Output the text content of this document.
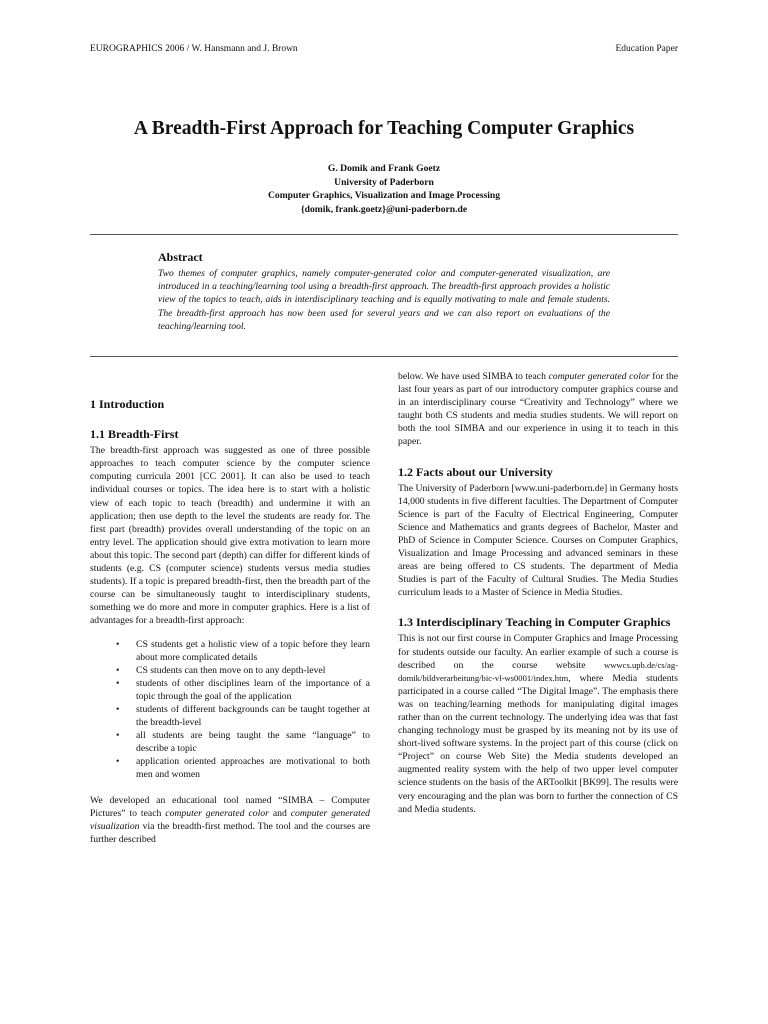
EUROGRAPHICS 2006 / W. Hansmann and J. Brown	Education Paper
A Breadth-First Approach for Teaching Computer Graphics
G. Domik and Frank Goetz
University of Paderborn
Computer Graphics, Visualization and Image Processing
{domik, frank.goetz}@uni-paderborn.de
Abstract

Two themes of computer graphics, namely computer-generated color and computer-generated visualization, are introduced in a teaching/learning tool using a breadth-first approach. The breadth-first approach provides a holistic view of the topics to teach, aids in interdisciplinary teaching and is equally motivating to male and female students. The breadth-first approach has now been used for several years and we can also report on evaluations of the teaching/learning tool.

1 Introduction
1.1 Breadth-First

The breadth-first approach was suggested as one of three possible approaches to teach computer science by the computer science computing curricula 2001 [CC 2001]. It can also be used to teach individual courses or topics. The idea here is to start with a holistic view of each topic to teach (breadth) and undermine it with an application; then use depth to the level the students are ready for. The first part (breadth) provides overall understanding of the topic on an entry level. The application should give extra motivation to learn more about this topic. The second part (depth) can differ for different kinds of students (e.g. CS (computer science) students versus media studies students). If a topic is prepared breadth-first, then the breadth part of the course can be simultaneously taught to interdisciplinary students, something we do more and more in computer graphics. Here is a list of advantages for a breadth-first approach:

• CS students get a holistic view of a topic before they learn about more complicated details
• CS students can then move on to any depth-level
• students of other disciplines learn of the importance of a topic through the goal of the application
• students of different backgrounds can be taught together at the breadth-level
• all students are being taught the same “language” to describe a topic
• application oriented approaches are motivational to both men and women

We developed an educational tool named “SIMBA – Computer Pictures” to teach computer generated color and computer generated visualization via the breadth-first method. The tool and the courses are further described

below. We have used SIMBA to teach computer generated color for the last four years as part of our introductory computer graphics course and in an interdisciplinary course “Creativity and Technology” where we taught both CS students and media studies students. We will report on both the tool SIMBA and our experience in using it to teach in this paper.

1.2 Facts about our University

The University of Paderborn [www.uni-paderborn.de] in Germany hosts 14,000 students in five different faculties. The Department of Computer Science is part of the Faculty of Electrical Engineering, Computer Science and Mathematics and grants degrees of Bachelor, Master and PhD of Science in Computer Science. Courses on Computer Graphics, Visualization and Image Processing and advanced seminars in these areas are being offered to CS students. The department of Media Studies is part of the Faculty of Cultural Studies. The Media Studies curriculum leads to a Master of Science in Media Studies.

1.3 Interdisciplinary Teaching in Computer Graphics

This is not our first course in Computer Graphics and Image Processing for students outside our faculty. An earlier example of such a course is described on the course website wwwcs.upb.de/cs/ag-domik/bildverarbeitung/bic-vl-ws0001/index.htm, where Media students participated in a course called “The Digital Image”. The emphasis there was on teaching/learning methods for manipulating digital images rather than on the current technology. The underlying idea was that fast changing technology must be grasped by its meaning not by its use of short-lived software systems. In the project part of this course (click on “Project” on course Web Site) the Media students developed an augmented reality system with the help of two upper level computer science students on the basis of the ARToolkit [BK99]. The results were very encouraging and the plan was born to further the connection of CS and Media students.
